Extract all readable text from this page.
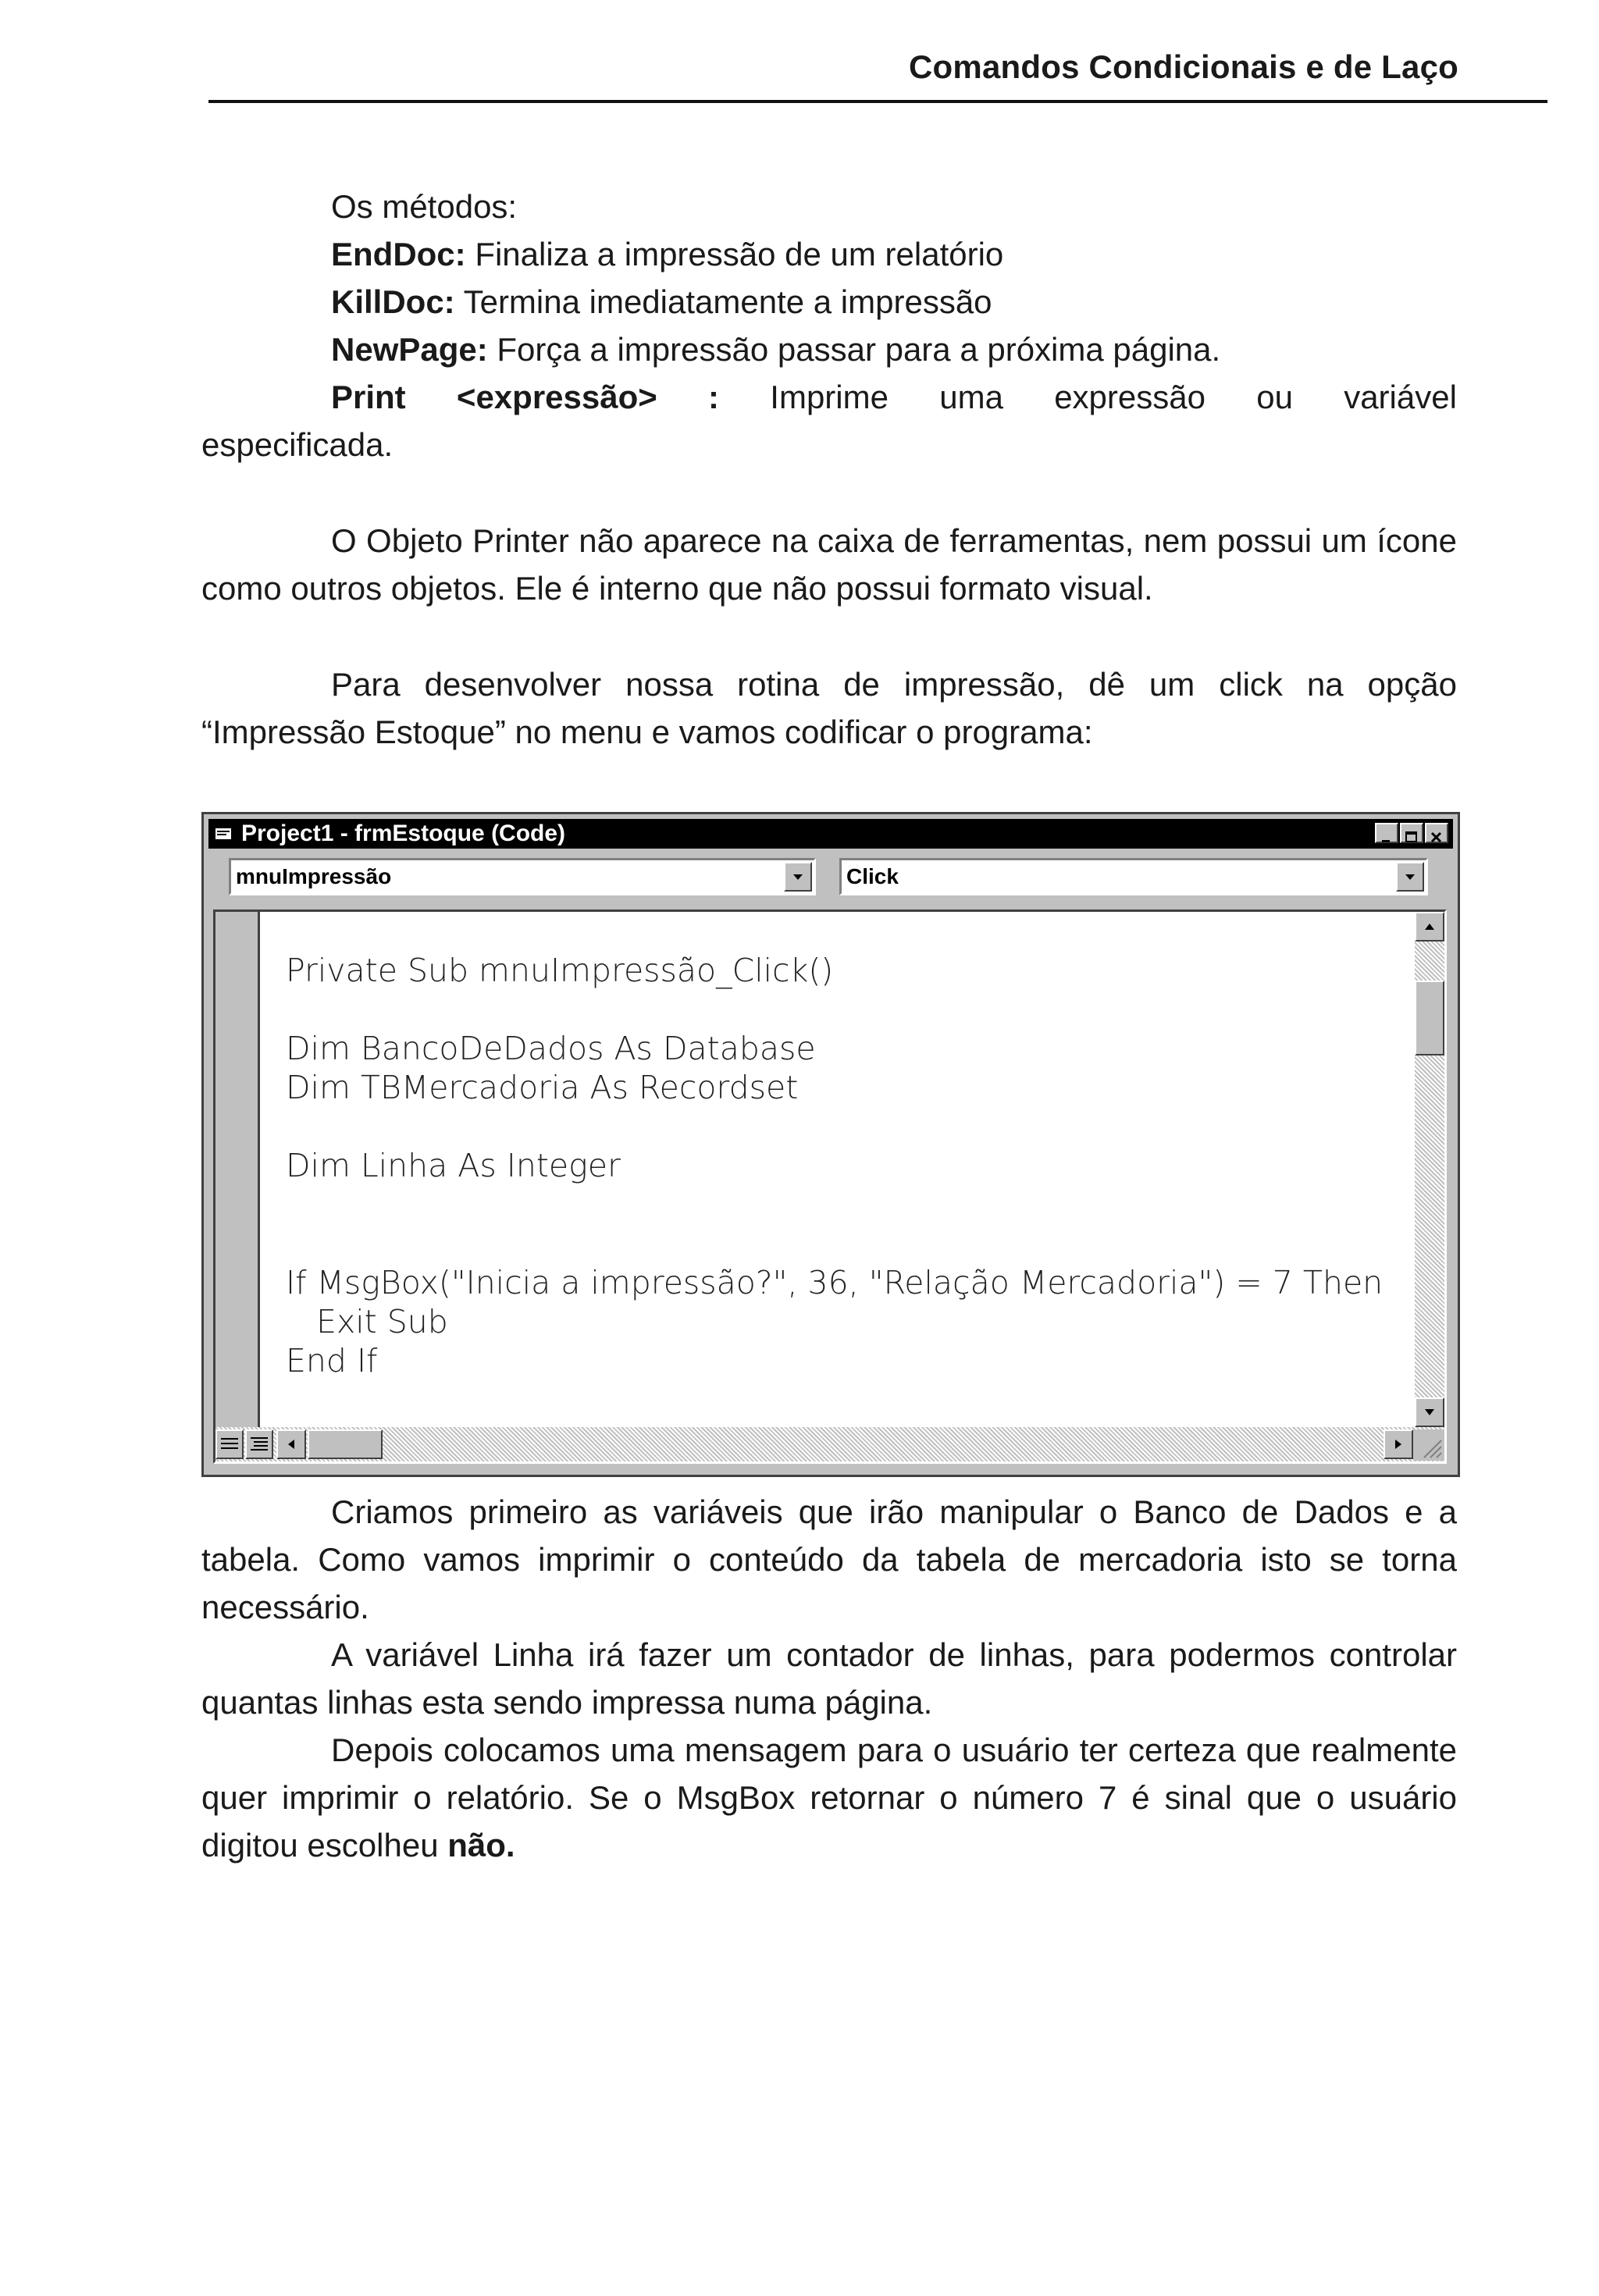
Comandos Condicionais e de Laço
Os métodos:
EndDoc: Finaliza a impressão de um relatório
KillDoc: Termina imediatamente a impressão
NewPage: Força a impressão passar para a próxima página.
Print <expressão> : Imprime uma expressão ou variável
especificada.
O Objeto Printer não aparece na caixa de ferramentas, nem possui um ícone como outros objetos. Ele é interno que não possui formato visual.
Para desenvolver nossa rotina de impressão, dê um click na opção “Impressão Estoque” no menu e vamos codificar o programa:
Project1 - frmEstoque (Code)
mnuImpressão	Click
Private Sub mnuImpressão_Click()

Dim BancoDeDados As Database
Dim TBMercadoria As Recordset

Dim Linha As Integer

If MsgBox("Inicia a impressão?", 36, "Relação Mercadoria") = 7 Then
Exit Sub
End If
Criamos primeiro as variáveis que irão manipular o Banco de Dados e a tabela. Como vamos imprimir o conteúdo da tabela de mercadoria isto se torna necessário.
A variável Linha irá fazer um contador de linhas, para podermos controlar quantas linhas esta sendo impressa numa página.
Depois colocamos uma mensagem para o usuário ter certeza que realmente quer imprimir o relatório. Se o MsgBox retornar o número 7 é sinal que o usuário digitou escolheu não.
